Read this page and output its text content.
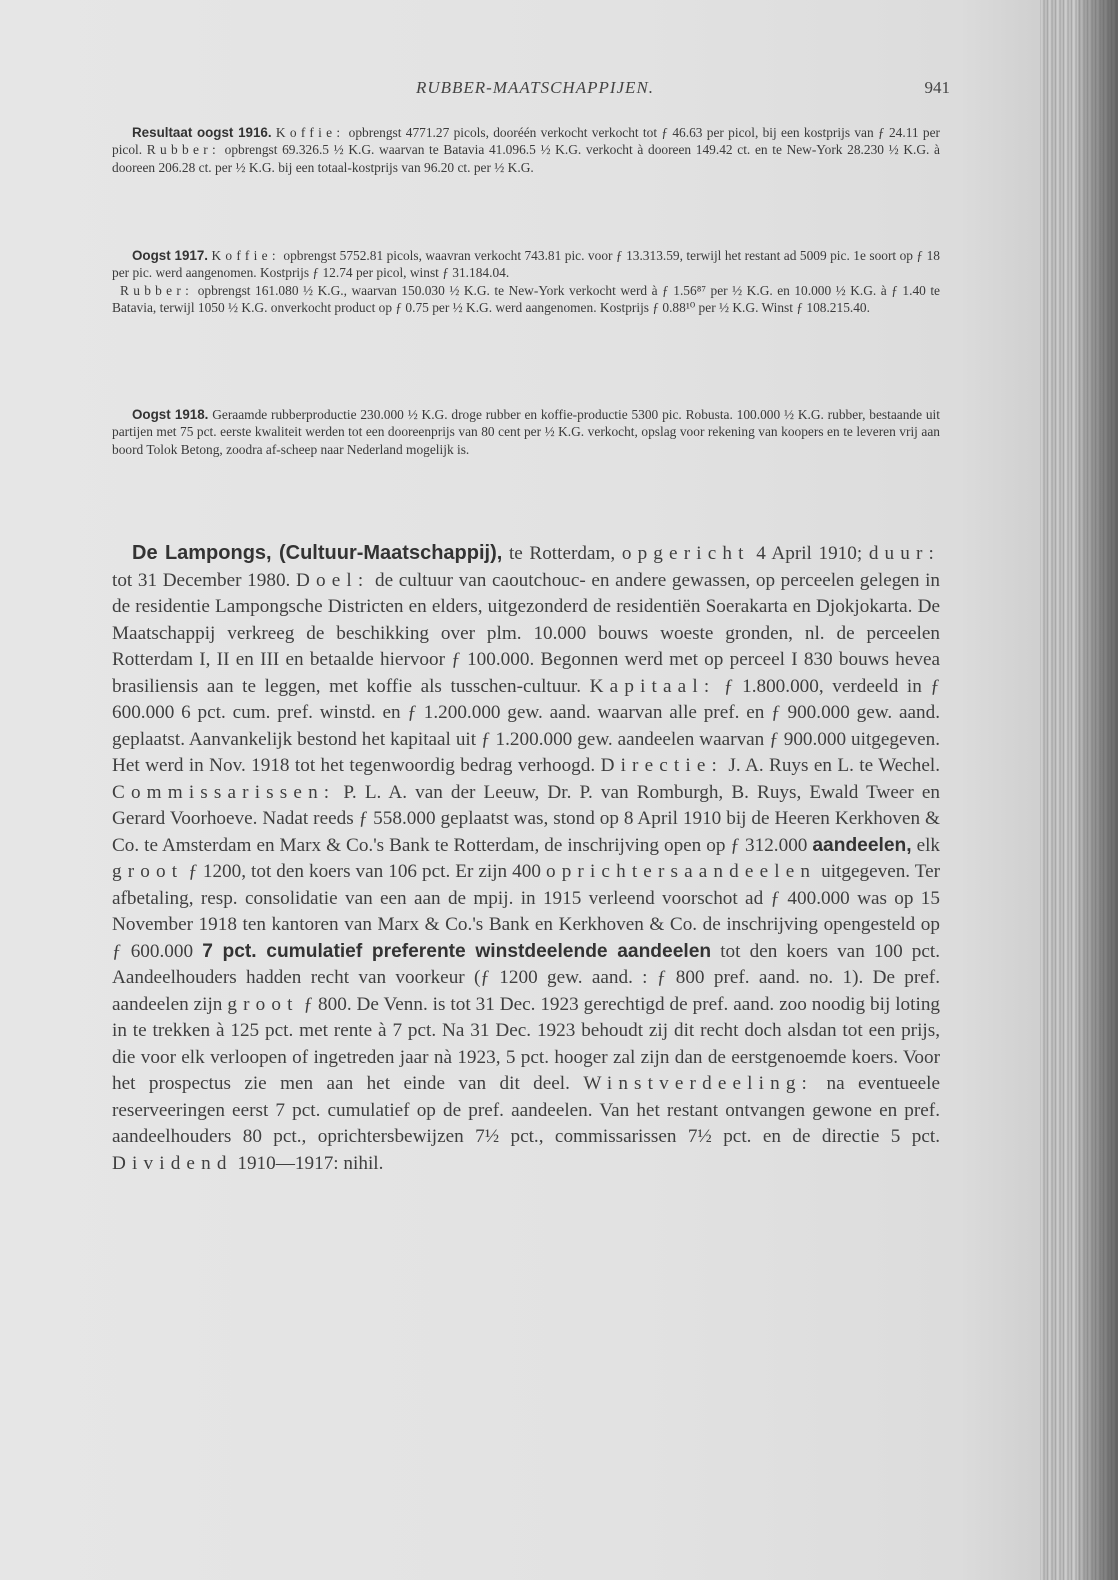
RUBBER-MAATSCHAPPIJEN.	941

Resultaat oogst 1916. Koffie: opbrengst 4771.27 picols, dooréén verkocht verkocht tot ƒ 46.63 per picol, bij een kostprijs van ƒ 24.11 per picol. Rubber: opbrengst 69.326.5 ½ K.G. waarvan te Batavia 41.096.5 ½ K.G. verkocht à dooreen 149.42 ct. en te New-York 28.230 ½ K.G. à dooreen 206.28 ct. per ½ K.G. bij een totaal-kostprijs van 96.20 ct. per ½ K.G.

Oogst 1917. Koffie: opbrengst 5752.81 picols, waavran verkocht 743.81 pic. voor ƒ 13.313.59, terwijl het restant ad 5009 pic. 1e soort op ƒ 18 per pic. werd aangenomen. Kostprijs ƒ 12.74 per picol, winst ƒ 31.184.04.

Rubber: opbrengst 161.080 ½ K.G., waarvan 150.030 ½ K.G. te New-York verkocht werd à ƒ 1.56⁸⁷ per ½ K.G. en 10.000 ½ K.G. à ƒ 1.40 te Batavia, terwijl 1050 ½ K.G. onverkocht product op ƒ 0.75 per ½ K.G. werd aangenomen. Kostprijs ƒ 0.88¹⁰ per ½ K.G. Winst ƒ 108.215.40.

Oogst 1918. Geraamde rubberproductie 230.000 ½ K.G. droge rubber en koffie-productie 5300 pic. Robusta. 100.000 ½ K.G. rubber, bestaande uit partijen met 75 pct. eerste kwaliteit werden tot een dooreenprijs van 80 cent per ½ K.G. verkocht, opslag voor rekening van koopers en te leveren vrij aan boord Tolok Betong, zoodra af-scheep naar Nederland mogelijk is.

De Lampongs, (Cultuur-Maatschappij), te Rotterdam, opgericht 4 April 1910; duur: tot 31 December 1980. Doel: de cultuur van caoutchouc- en andere gewassen, op perceelen gelegen in de residentie Lampongsche Districten en elders, uitgezonderd de residentiën Soerakarta en Djokjokarta. De Maatschappij verkreeg de beschikking over plm. 10.000 bouws woeste gronden, nl. de perceelen Rotterdam I, II en III en betaalde hiervoor ƒ 100.000. Begonnen werd met op perceel I 830 bouws hevea brasiliensis aan te leggen, met koffie als tusschen-cultuur. Kapitaal: ƒ 1.800.000, verdeeld in ƒ 600.000 6 pct. cum. pref. winstd. en ƒ 1.200.000 gew. aand. waarvan alle pref. en ƒ 900.000 gew. aand. geplaatst. Aanvankelijk bestond het kapitaal uit ƒ 1.200.000 gew. aandeelen waarvan ƒ 900.000 uitgegeven. Het werd in Nov. 1918 tot het tegenwoordig bedrag verhoogd. Directie: J. A. Ruys en L. te Wechel. Commissarissen: P. L. A. van der Leeuw, Dr. P. van Romburgh, B. Ruys, Ewald Tweer en Gerard Voorhoeve. Nadat reeds ƒ 558.000 geplaatst was, stond op 8 April 1910 bij de Heeren Kerkhoven & Co. te Amsterdam en Marx & Co.'s Bank te Rotterdam, de inschrijving open op ƒ 312.000 aandeelen, elk groot ƒ 1200, tot den koers van 106 pct. Er zijn 400 oprichtersaandeelen uitgegeven. Ter afbetaling, resp. consolidatie van een aan de mpij. in 1915 verleend voorschot ad ƒ 400.000 was op 15 November 1918 ten kantoren van Marx & Co.'s Bank en Kerkhoven & Co. de inschrijving opengesteld op ƒ 600.000 7 pct. cumulatief preferente winstdeelende aandeelen tot den koers van 100 pct. Aandeelhouders hadden recht van voorkeur (ƒ 1200 gew. aand. : ƒ 800 pref. aand. no. 1). De pref. aandeelen zijn groot ƒ 800. De Venn. is tot 31 Dec. 1923 gerechtigd de pref. aand. zoo noodig bij loting in te trekken à 125 pct. met rente à 7 pct. Na 31 Dec. 1923 behoudt zij dit recht doch alsdan tot een prijs, die voor elk verloopen of ingetreden jaar nà 1923, 5 pct. hooger zal zijn dan de eerstgenoemde koers. Voor het prospectus zie men aan het einde van dit deel. Winstverdeeling: na eventueele reserveeringen eerst 7 pct. cumulatief op de pref. aandeelen. Van het restant ontvangen gewone en pref. aandeelhouders 80 pct., oprichtersbewijzen 7½ pct., commissarissen 7½ pct. en de directie 5 pct. Dividend 1910—1917: nihil.
